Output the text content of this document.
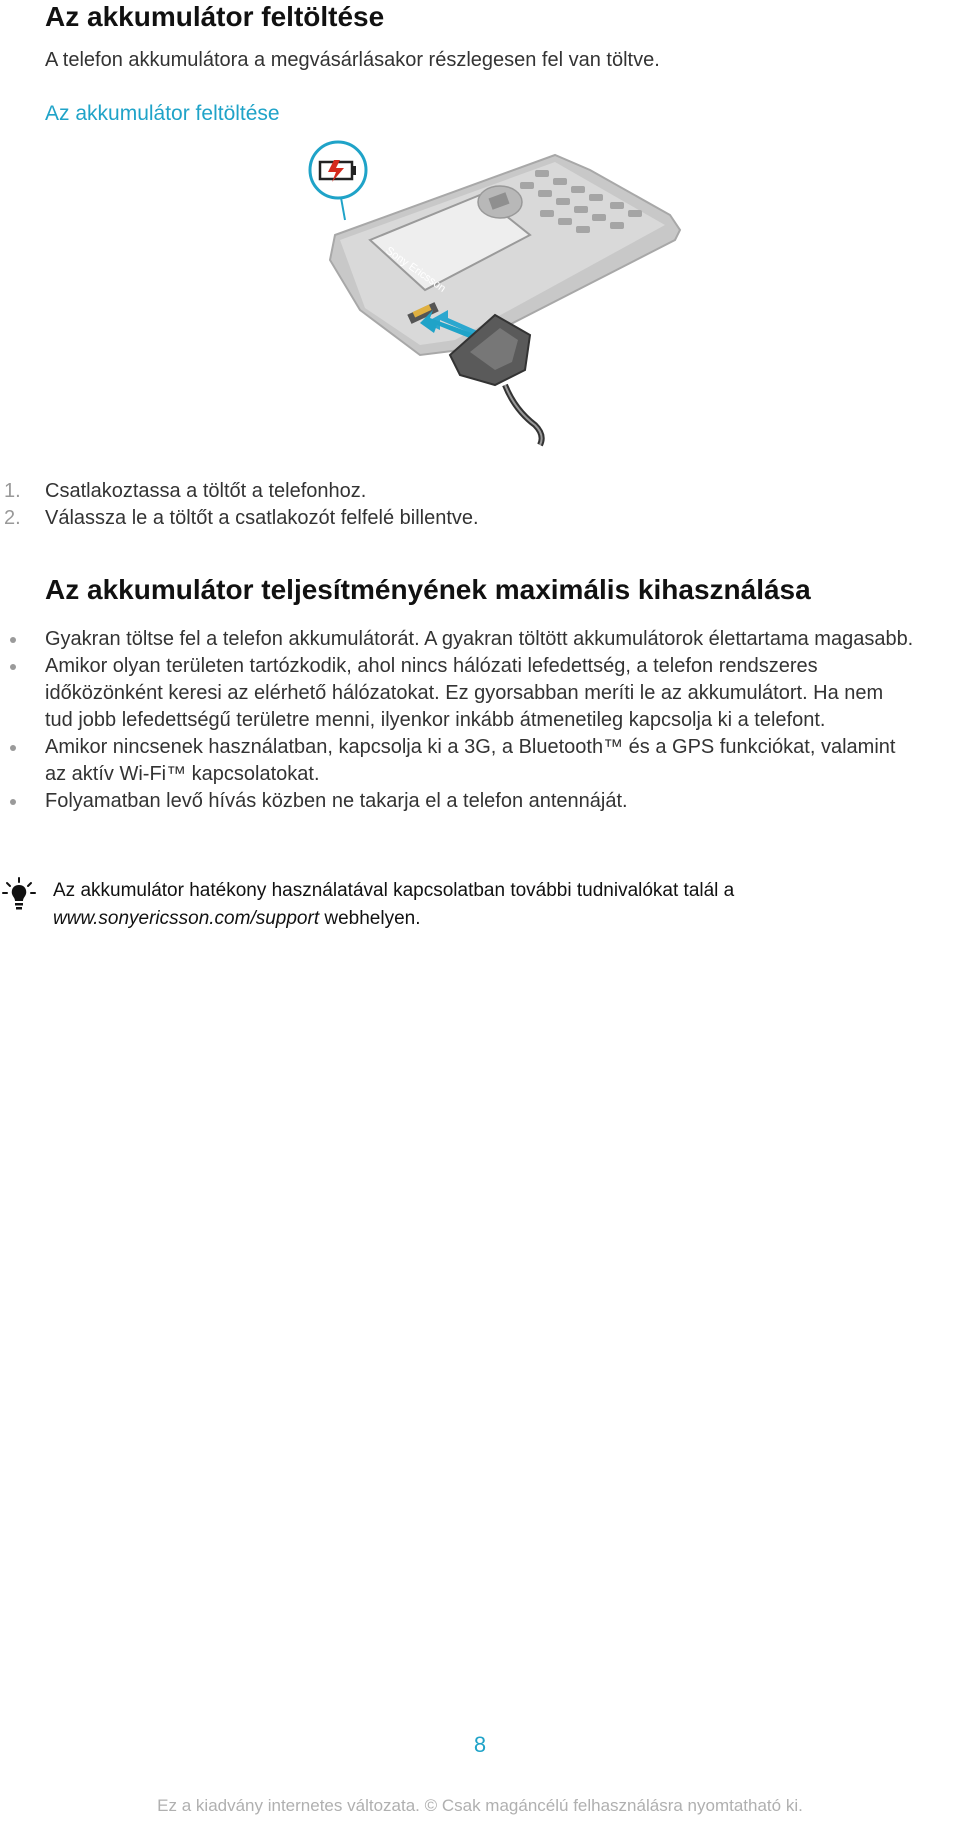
Az akkumulátor feltöltése

A telefon akkumulátora a megvásárlásakor részlegesen fel van töltve.

Az akkumulátor feltöltése
Sony Ericsson
1. Csatlakoztassa a töltőt a telefonhoz.
2. Válassza le a töltőt a csatlakozót felfelé billentve.
Az akkumulátor teljesítményének maximális kihasználása
Gyakran töltse fel a telefon akkumulátorát. A gyakran töltött akkumulátorok élettartama magasabb.
Amikor olyan területen tartózkodik, ahol nincs hálózati lefedettség, a telefon rendszeres időközönként keresi az elérhető hálózatokat. Ez gyorsabban meríti le az akkumulátort. Ha nem tud jobb lefedettségű területre menni, ilyenkor inkább átmenetileg kapcsolja ki a telefont.
Amikor nincsenek használatban, kapcsolja ki a 3G, a Bluetooth™ és a GPS funkciókat, valamint az aktív Wi-Fi™ kapcsolatokat.
Folyamatban levő hívás közben ne takarja el a telefon antennáját.
Az akkumulátor hatékony használatával kapcsolatban további tudnivalókat talál a www.sonyericsson.com/support webhelyen.
8
Ez a kiadvány internetes változata. © Csak magáncélú felhasználásra nyomtatható ki.
